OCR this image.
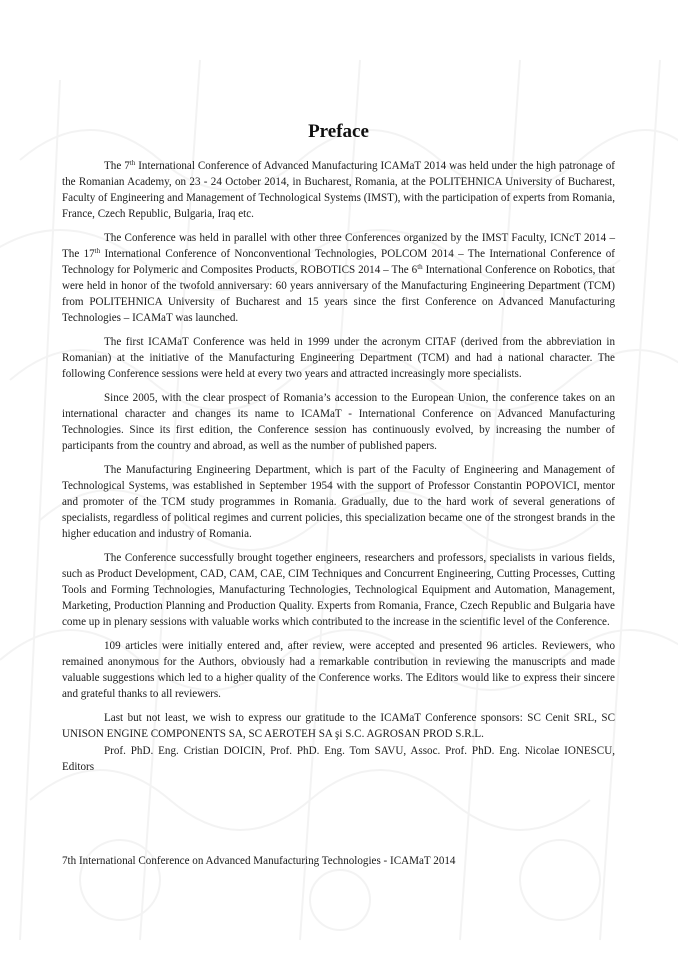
Preface

The 7th International Conference of Advanced Manufacturing ICAMaT 2014 was held under the high patronage of the Romanian Academy, on 23 - 24 October 2014, in Bucharest, Romania, at the POLITEHNICA University of Bucharest, Faculty of Engineering and Management of Technological Systems (IMST), with the participation of experts from Romania, France, Czech Republic, Bulgaria, Iraq etc.

The Conference was held in parallel with other three Conferences organized by the IMST Faculty, ICNcT 2014 – The 17th International Conference of Nonconventional Technologies, POLCOM 2014 – The International Conference of Technology for Polymeric and Composites Products, ROBOTICS 2014 – The 6th International Conference on Robotics, that were held in honor of the twofold anniversary: 60 years anniversary of the Manufacturing Engineering Department (TCM) from POLITEHNICA University of Bucharest and 15 years since the first Conference on Advanced Manufacturing Technologies – ICAMaT was launched.

The first ICAMaT Conference was held in 1999 under the acronym CITAF (derived from the abbreviation in Romanian) at the initiative of the Manufacturing Engineering Department (TCM) and had a national character. The following Conference sessions were held at every two years and attracted increasingly more specialists.

Since 2005, with the clear prospect of Romania’s accession to the European Union, the conference takes on an international character and changes its name to ICAMaT - International Conference on Advanced Manufacturing Technologies. Since its first edition, the Conference session has continuously evolved, by increasing the number of participants from the country and abroad, as well as the number of published papers.

The Manufacturing Engineering Department, which is part of the Faculty of Engineering and Management of Technological Systems, was established in September 1954 with the support of Professor Constantin POPOVICI, mentor and promoter of the TCM study programmes in Romania. Gradually, due to the hard work of several generations of specialists, regardless of political regimes and current policies, this specialization became one of the strongest brands in the higher education and industry of Romania.

The Conference successfully brought together engineers, researchers and professors, specialists in various fields, such as Product Development, CAD, CAM, CAE, CIM Techniques and Concurrent Engineering, Cutting Processes, Cutting Tools and Forming Technologies, Manufacturing Technologies, Technological Equipment and Automation, Management, Marketing, Production Planning and Production Quality. Experts from Romania, France, Czech Republic and Bulgaria have come up in plenary sessions with valuable works which contributed to the increase in the scientific level of the Conference.

109 articles were initially entered and, after review, were accepted and presented 96 articles. Reviewers, who remained anonymous for the Authors, obviously had a remarkable contribution in reviewing the manuscripts and made valuable suggestions which led to a higher quality of the Conference works. The Editors would like to express their sincere and grateful thanks to all reviewers.

Last but not least, we wish to express our gratitude to the ICAMaT Conference sponsors: SC Cenit SRL, SC UNISON ENGINE COMPONENTS SA, SC AEROTEH SA şi S.C. AGROSAN PROD S.R.L.

Prof. PhD. Eng. Cristian DOICIN, Prof. PhD. Eng. Tom SAVU, Assoc. Prof. PhD. Eng. Nicolae IONESCU, Editors

7th International Conference on Advanced Manufacturing Technologies - ICAMaT 2014
